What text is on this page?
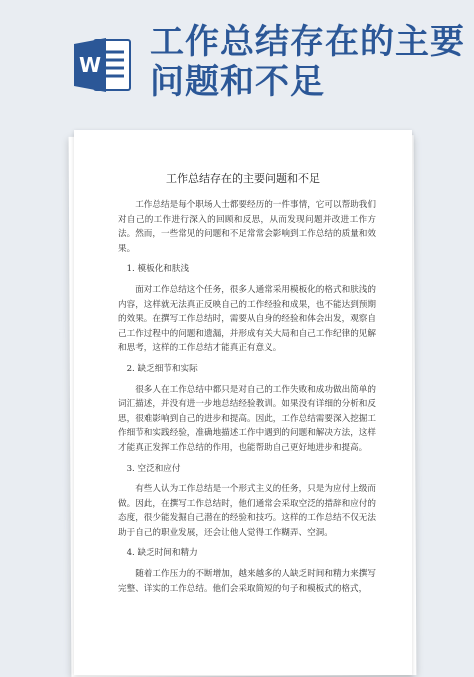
W
工作总结存在的主要问题和不足
工作总结存在的主要问题和不足

工作总结是每个职场人士都要经历的一件事情，它可以帮助我们对自己的工作进行深入的回顾和反思，从而发现问题并改进工作方法。然而，一些常见的问题和不足常常会影响到工作总结的质量和效果。

1. 模板化和肤浅

面对工作总结这个任务，很多人通常采用模板化的格式和肤浅的内容，这样就无法真正反映自己的工作经验和成果，也不能达到预期的效果。在撰写工作总结时，需要从自身的经验和体会出发，观察自己工作过程中的问题和遗漏，并形成有关大局和自己工作纪律的见解和思考，这样的工作总结才能真正有意义。

2. 缺乏细节和实际

很多人在工作总结中都只是对自己的工作失败和成功做出简单的词汇描述，并没有进一步地总结经验教训。如果没有详细的分析和反思，很难影响到自己的进步和提高。因此，工作总结需要深入挖掘工作细节和实践经验，准确地描述工作中遇到的问题和解决方法，这样才能真正发挥工作总结的作用，也能帮助自己更好地进步和提高。

3. 空泛和应付

有些人认为工作总结是一个形式主义的任务，只是为应付上级而做。因此，在撰写工作总结时，他们通常会采取空泛的措辞和应付的态度，很少能发掘自己潜在的经验和技巧。这样的工作总结不仅无法助于自己的职业发展，还会让他人觉得工作糊弄、空洞。

4. 缺乏时间和精力

随着工作压力的不断增加，越来越多的人缺乏时间和精力来撰写完整、详实的工作总结。他们会采取简短的句子和模板式的格式，
